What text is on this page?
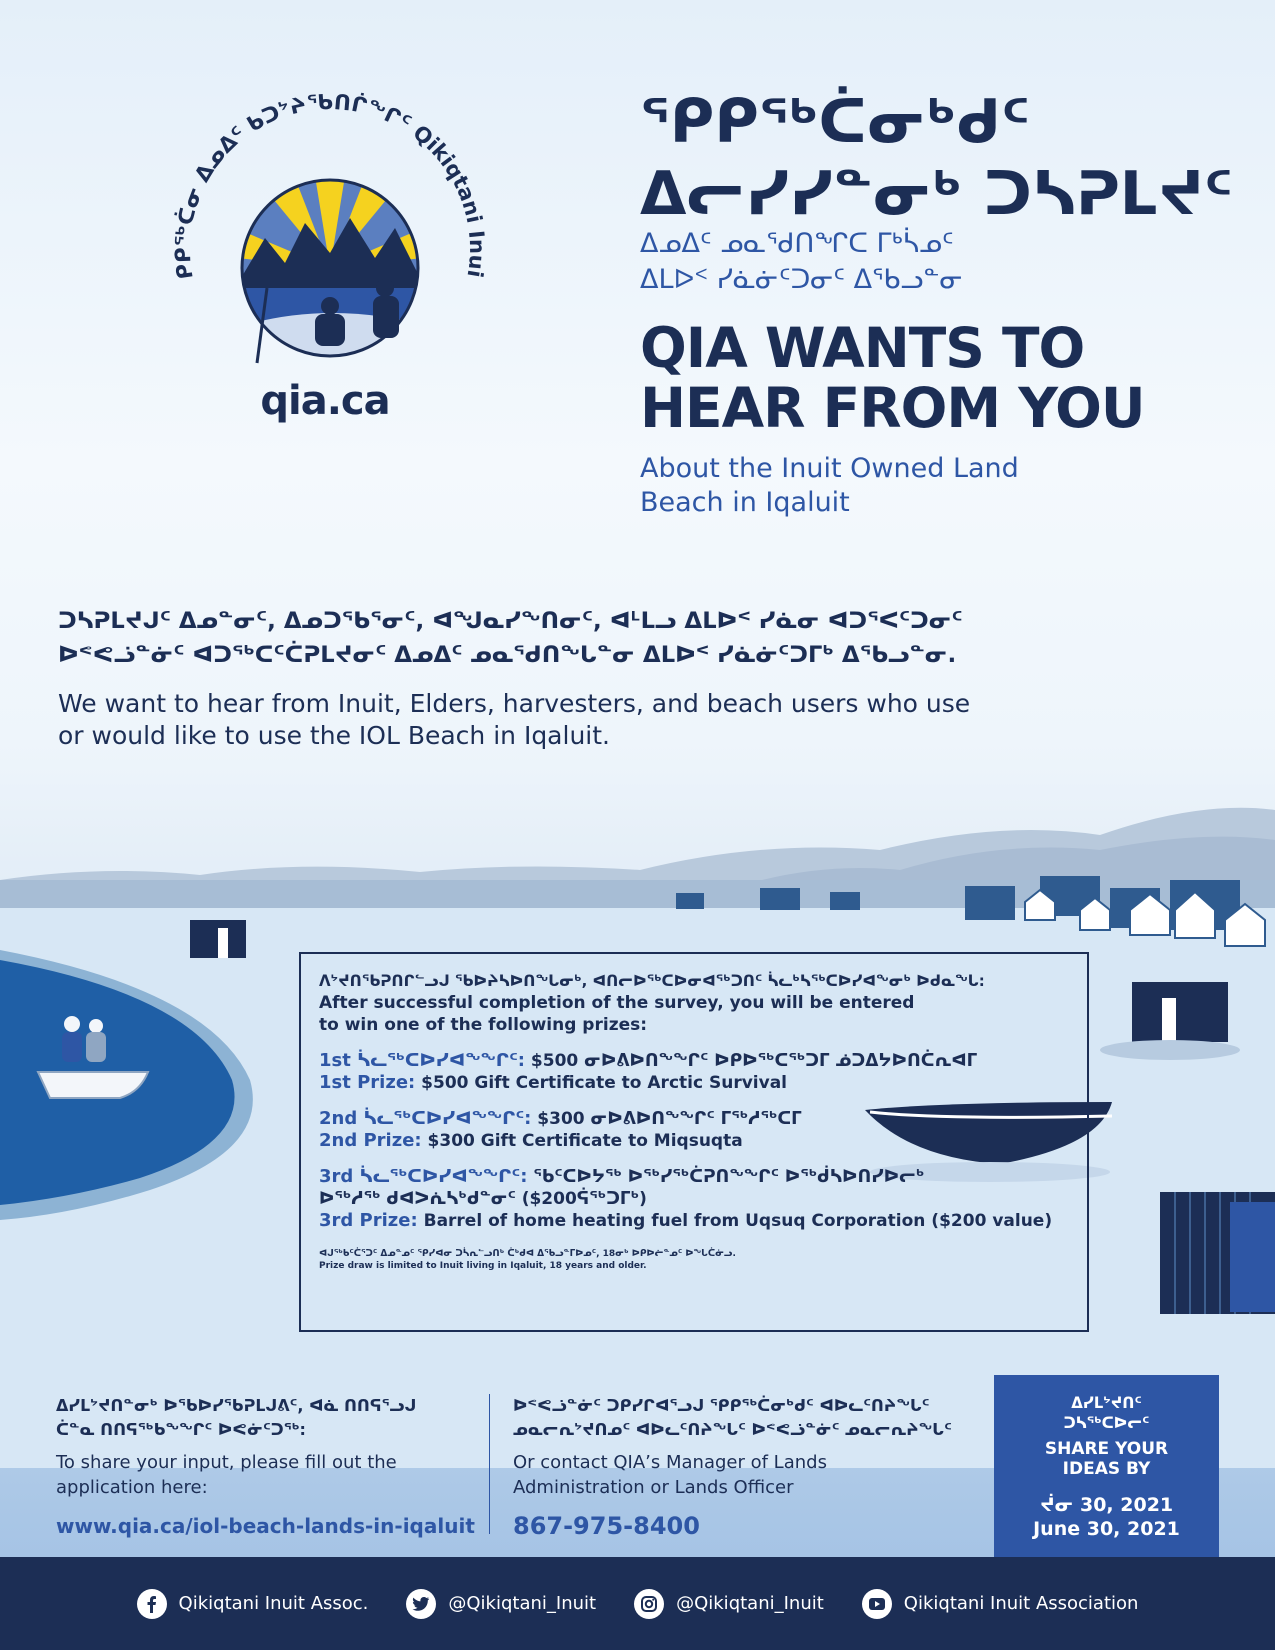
ᑭᑭᖅᑖᓂ ᐃᓄᐃᑦ ᑲᑐᔾᔨᖃᑎᒌᖕᒋᑦ Qikiqtani Inui
qia.ca
ᕿᑭᖅᑖᓂᒃᑯᑦ
ᐃᓕᓯᓯᓐᓂᒃ ᑐᓴᕈᒪᔪᑦ
ᐃᓄᐃᑦ ᓄᓇᖁᑎᖏᑕ ᒥᒃᓵᓄᑦ
ᐃᒪᐅᑉ ᓯᓈᓃᑦᑐᓂᑦ ᐃᖃᓗᓐᓂ
QIA WANTS TO
HEAR FROM YOU
About the Inuit Owned Land
Beach in Iqaluit
ᑐᓴᕈᒪᔪᒍᑦ ᐃᓄᓐᓂᑦ, ᐃᓄᑐᖃᕐᓂᑦ, ᐊᖑᓇᓯᖕᑎᓂᑦ, ᐊᒻᒪᓗ ᐃᒪᐅᑉ ᓯᓈᓂ ᐊᑐᕐᐸᑦᑐᓂᑦ
ᐅᕝᕙᓘᓐᓃᑦ ᐊᑐᖅᑕᑦᑖᕈᒪᔪᓂᑦ ᐃᓄᐃᑦ ᓄᓇᖁᑎᖓᓐᓂ ᐃᒪᐅᑉ ᓯᓈᓃᑦᑐᒥᒃ ᐃᖃᓗᓐᓂ.
We want to hear from Inuit, Elders, harvesters, and beach users who use
or would like to use the IOL Beach in Iqaluit.
ᐱᔾᔪᑎᖃᕈᑎᒋᓪᓗᒍ ᖃᐅᔨᓴᐅᑎᖓᓂᒃ, ᐊᑎᓕᐅᖅᑕᐅᓂᐊᖅᑐᑎᑦ ᓵᓚᒃᓴᖅᑕᐅᓯᐊᖕᓂᒃ ᐅᑯᓇᖓ:
After successful completion of the survey, you will be entered
to win one of the following prizes:
1st ᓵᓚᖅᑕᐅᓯᐊᖕᖏᑦ: $500 ᓂᐅᕕᐅᑎᖕᖏᑦ ᐅᑭᐅᖅᑕᖅᑐᒥ ᓅᑐᐃᔭᐅᑎᑖᕆᐊᒥ
1st Prize: $500 Gift Certificate to Arctic Survival
2nd ᓵᓚᖅᑕᐅᓯᐊᖕᖏᑦ: $300 ᓂᐅᕕᐅᑎᖕᖏᑦ ᒥᖅᓱᖅᑕᒥ
2nd Prize: $300 Gift Certificate to Miqsuqta
3rd ᓵᓚᖅᑕᐅᓯᐊᖕᖏᑦ: ᖃᑦᑕᐅᔭᖅ ᐅᖅᓯᖅᑖᕈᑎᖕᖏᑦ ᐅᖅᑰᓴᐅᑎᓯᐅᓕᒃ
ᐅᖅᓱᖅ ᑯᐊᐳᕇᓴᒃᑯᓐᓂᑦ ($200ᕌᖅᑐᒥᒃ)
3rd Prize: Barrel of home heating fuel from Uqsuq Corporation ($200 value)
ᐊᒍᖅᑲᑦᑖᕐᑐᑦ ᐃᓄᓐᓄᑦ ᕿᓯᐊᓂ ᑐᓵᕆᓪᓗᑎᒃ ᑖᒃᑯᐊ ᐃᖃᓗᓐᒥᐅᓄᑦ, 18ᓂᒃ ᐅᑭᐅᓖᓐᓄᑦ ᐅᖓᑖᓃᓗ.
Prize draw is limited to Inuit living in Iqaluit, 18 years and older.
ᐃᓯᒪᔾᔪᑎᓐᓂᒃ ᐅᖃᐅᓯᖃᕈᒪᒍᕕᑦ, ᐊᓈ ᑎᑎᕋᕐᓗᒍ
ᑖᓐᓇ ᑎᑎᕋᖅᑲᖕᖏᑦ ᐅᕙᓃᑦᑐᖅ:
To share your input, please fill out the
application here:
www.qia.ca/iol-beach-lands-in-iqaluit
ᐅᕝᕙᓘᓐᓃᑦ ᑐᑭᓯᒋᐊᕐᓗᒍ ᕿᑭᖅᑖᓂᒃᑯᑦ ᐊᐅᓚᑦᑎᔨᖓᑦ
ᓄᓇᓕᕆᔾᔪᑎᓄᑦ ᐊᐅᓚᑦᑎᔨᖓᑦ ᐅᕝᕙᓘᓐᓃᑦ ᓄᓇᓕᕆᔨᖓᑦ
Or contact QIA’s Manager of Lands
Administration or Lands Officer
867-975-8400
ᐃᓯᒪᔾᔪᑎᑦ
ᑐᓴᖅᑕᐅᓕᑦ
SHARE YOUR
IDEAS BY
ᔫᓂ 30, 2021
June 30, 2021
Qikiqtani Inuit Assoc.	@Qikiqtani_Inuit	@Qikiqtani_Inuit	Qikiqtani Inuit Association
